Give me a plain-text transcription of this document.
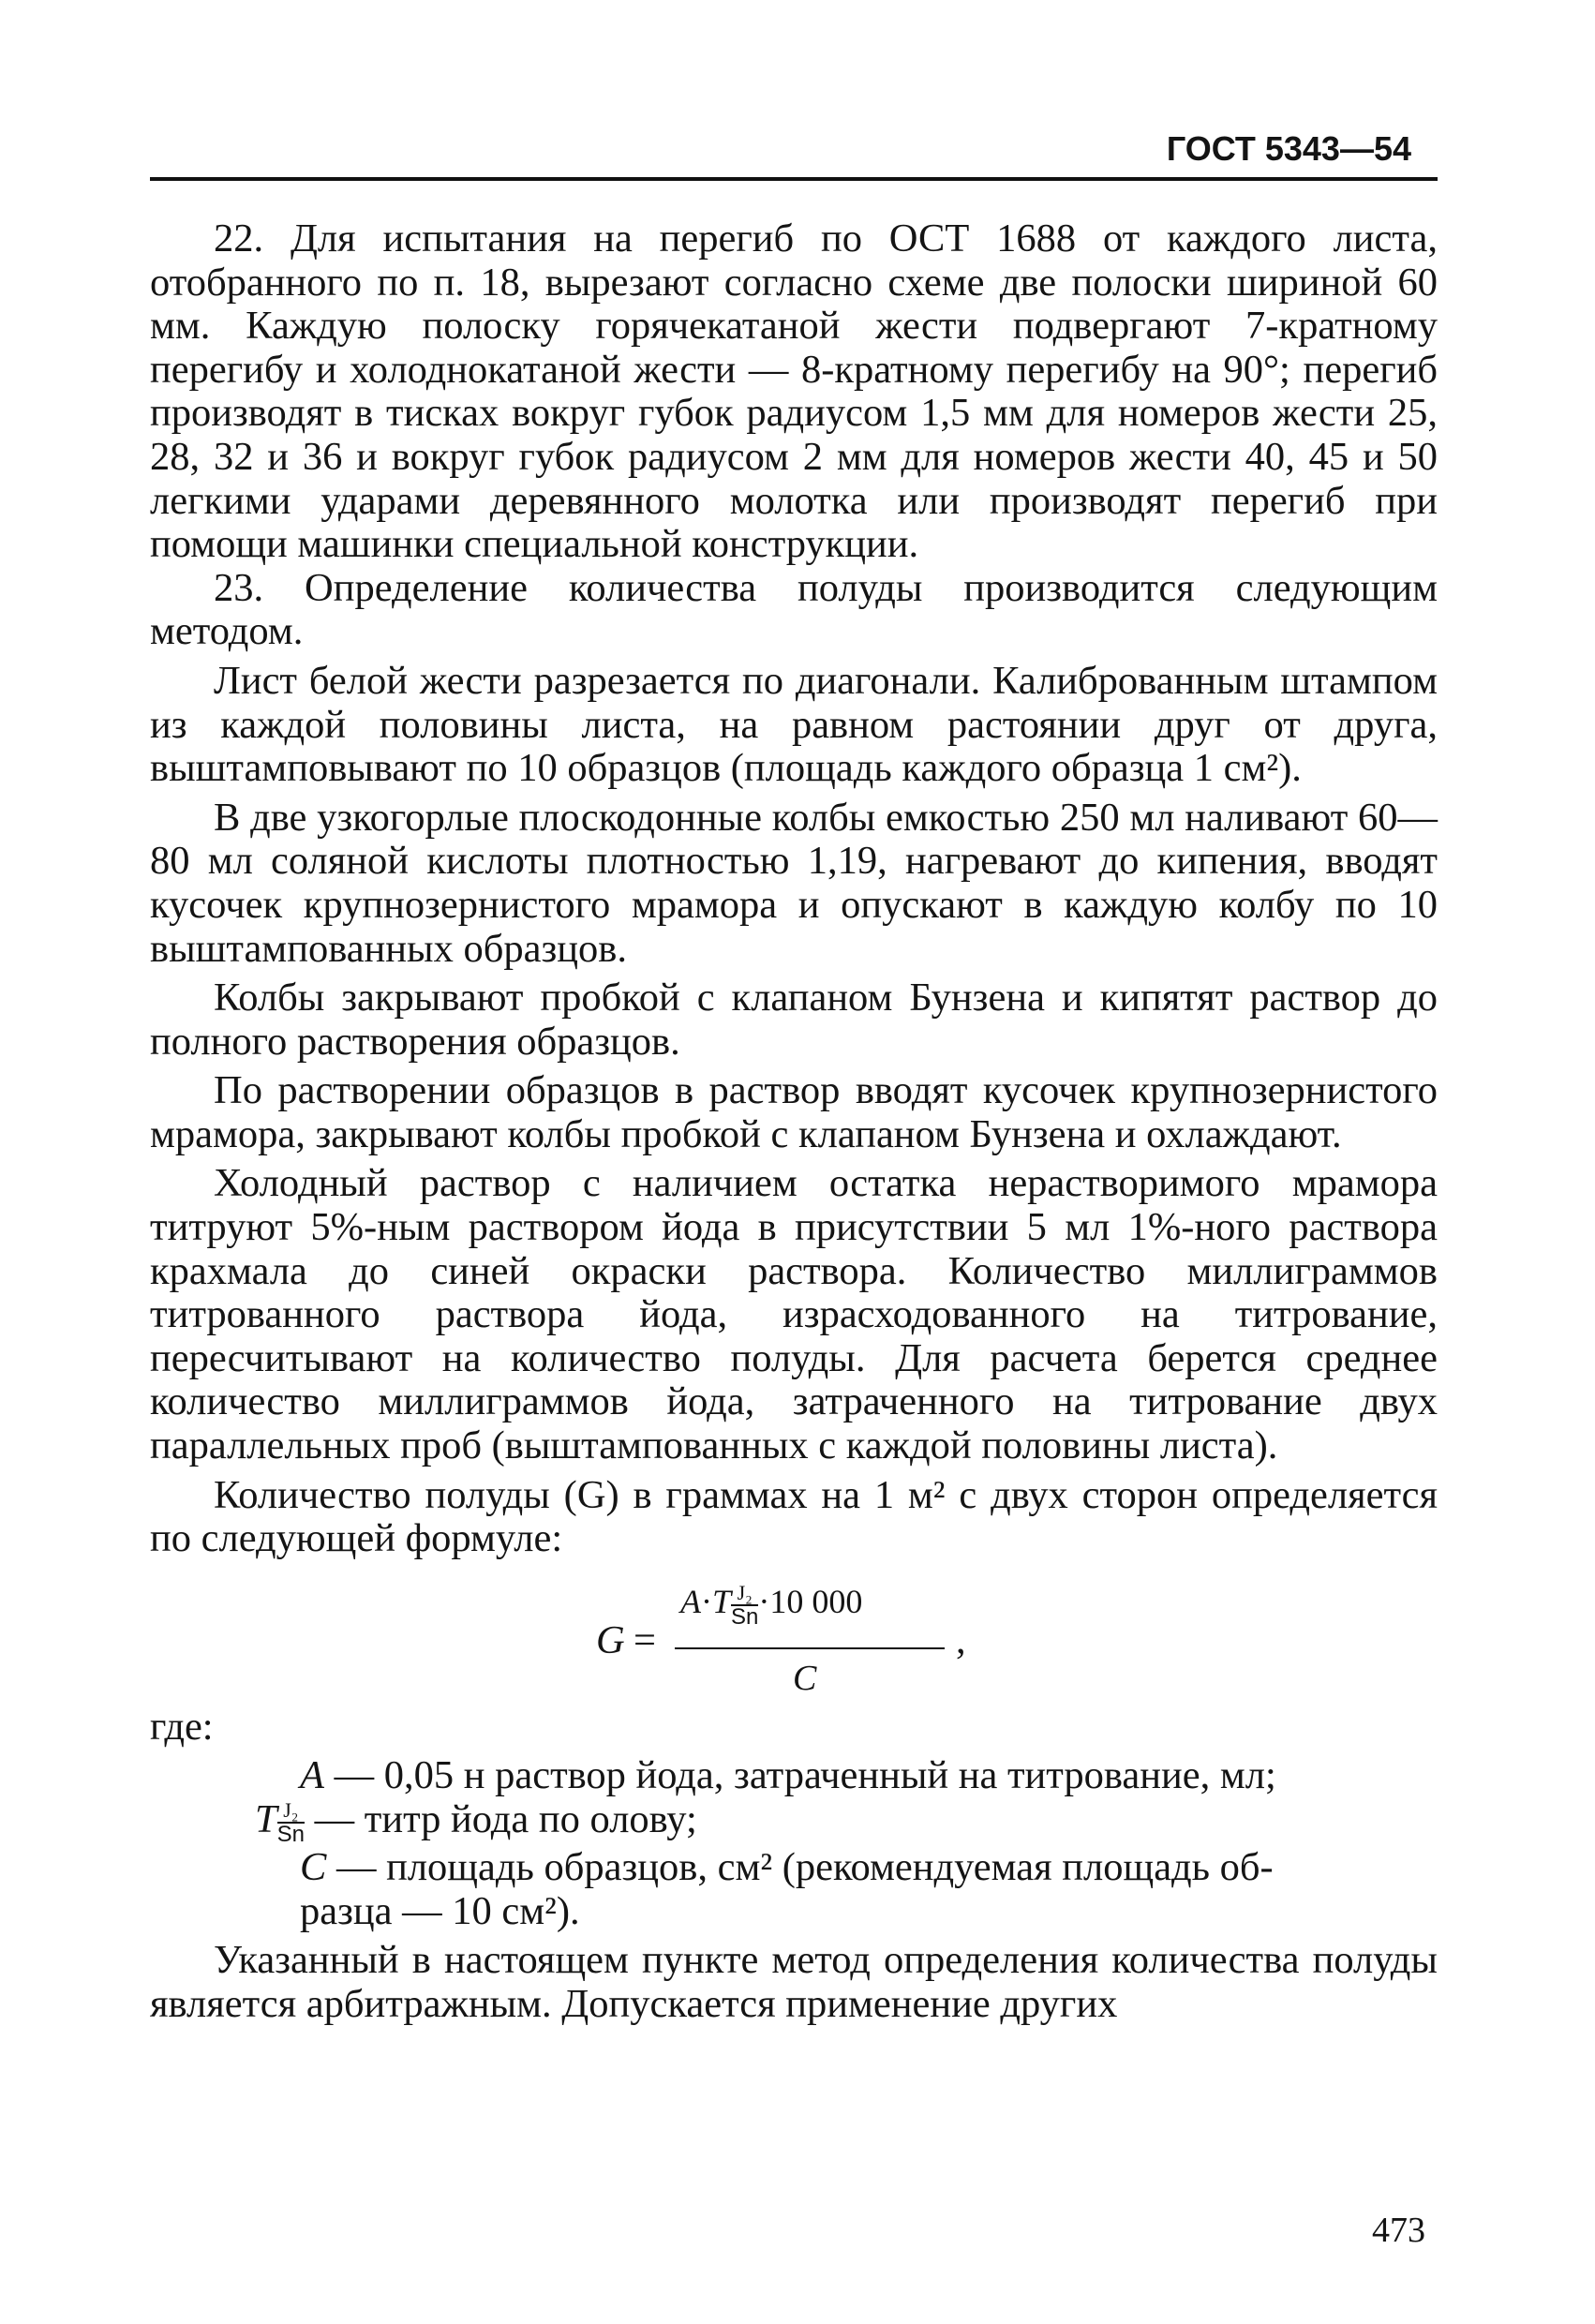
ГОСТ 5343—54

22. Для испытания на перегиб по ОСТ 1688 от каждого листа, отобранного по п. 18, вырезают согласно схеме две полоски шириной 60 мм. Каждую полоску горячекатаной жести подвергают 7-кратному перегибу и холоднокатаной жести — 8-кратному перегибу на 90°; перегиб производят в тисках вокруг губок радиусом 1,5 мм для номеров жести 25, 28, 32 и 36 и вокруг губок радиусом 2 мм для номеров жести 40, 45 и 50 легкими ударами деревянного молотка или производят перегиб при помощи машинки специальной конструкции.

23. Определение количества полуды производится следующим методом.

Лист белой жести разрезается по диагонали. Калиброванным штампом из каждой половины листа, на равном растоянии друг от друга, выштамповывают по 10 образцов (площадь каждого образца 1 см²).

В две узкогорлые плоскодонные колбы емкостью 250 мл наливают 60—80 мл соляной кислоты плотностью 1,19, нагревают до кипения, вводят кусочек крупнозернистого мрамора и опускают в каждую колбу по 10 выштампованных образцов.

Колбы закрывают пробкой с клапаном Бунзена и кипятят раствор до полного растворения образцов.

По растворении образцов в раствор вводят кусочек крупнозернистого мрамора, закрывают колбы пробкой с клапаном Бунзена и охлаждают.

Холодный раствор с наличием остатка нерастворимого мрамора титруют 5%-ным раствором йода в присутствии 5 мл 1%-ного раствора крахмала до синей окраски раствора. Количество миллиграммов титрованного раствора йода, израсходованного на титрование, пересчитывают на количество полуды. Для расчета берется среднее количество миллиграммов йода, затраченного на титрование двух параллельных проб (выштампованных с каждой половины листа).

Количество полуды (G) в граммах на 1 м² с двух сторон определяется по следующей формуле:

G =
$A\cdot T \frac{\text{J₂}}{Sn} \cdot 10$ 000
C
,

где:

A — 0,05 н раствор йода, затраченный на титрование, мл;

T $\frac{\text{J₂}}{Sn}$ — титр йода по олову;

C — площадь образцов, см² (рекомендуемая площадь об-
разца — 10 см²).

Указанный в настоящем пункте метод определения количества полуды является арбитражным. Допускается применение других

473
